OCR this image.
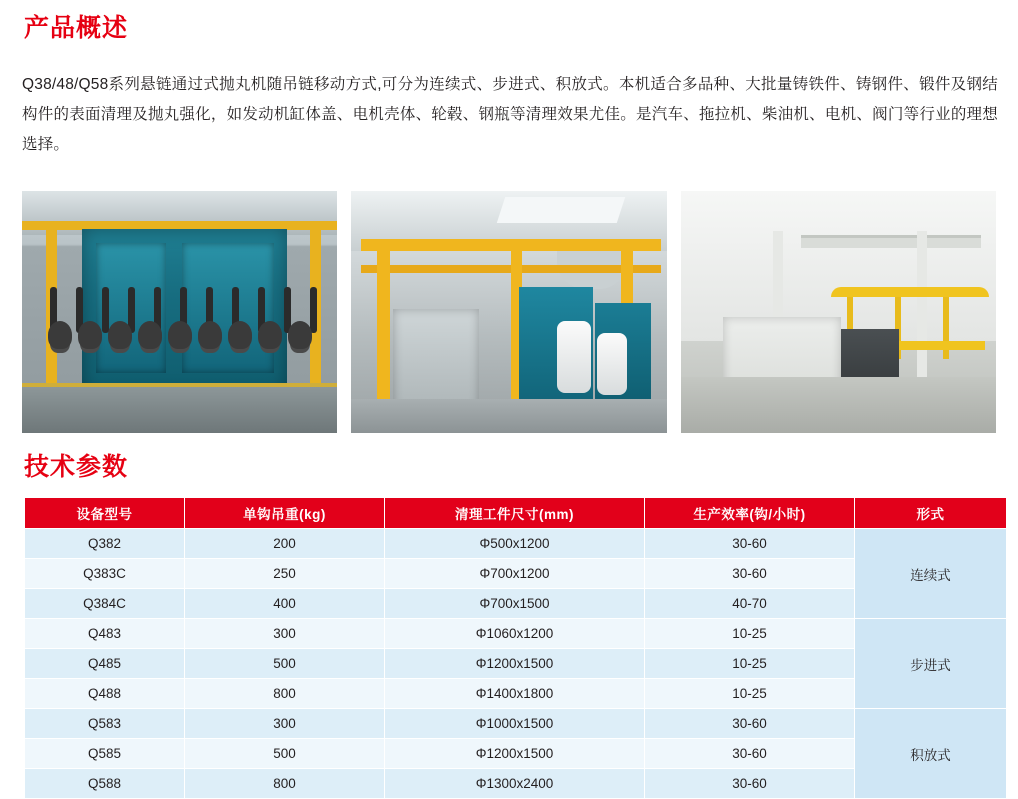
产品概述

Q38/48/Q58系列悬链通过式抛丸机随吊链移动方式,可分为连续式、步进式、积放式。本机适合多品种、大批量铸铁件、铸钢件、锻件及钢结构件的表面清理及抛丸强化，如发动机缸体盖、电机壳体、轮毂、钢瓶等清理效果尤佳。是汽车、拖拉机、柴油机、电机、阀门等行业的理想选择。

技术参数
设备型号	单钩吊重(kg)	清理工件尺寸(mm)	生产效率(钩/小时)	形式
Q382	200	Φ500x1200	30-60	连续式
Q383C	250	Φ700x1200	30-60	
Q384C	400	Φ700x1500	40-70	
Q483	300	Φ1060x1200	10-25	步进式
Q485	500	Φ1200x1500	10-25	
Q488	800	Φ1400x1800	10-25	
Q583	300	Φ1000x1500	30-60	积放式
Q585	500	Φ1200x1500	30-60	
Q588	800	Φ1300x2400	30-60	
